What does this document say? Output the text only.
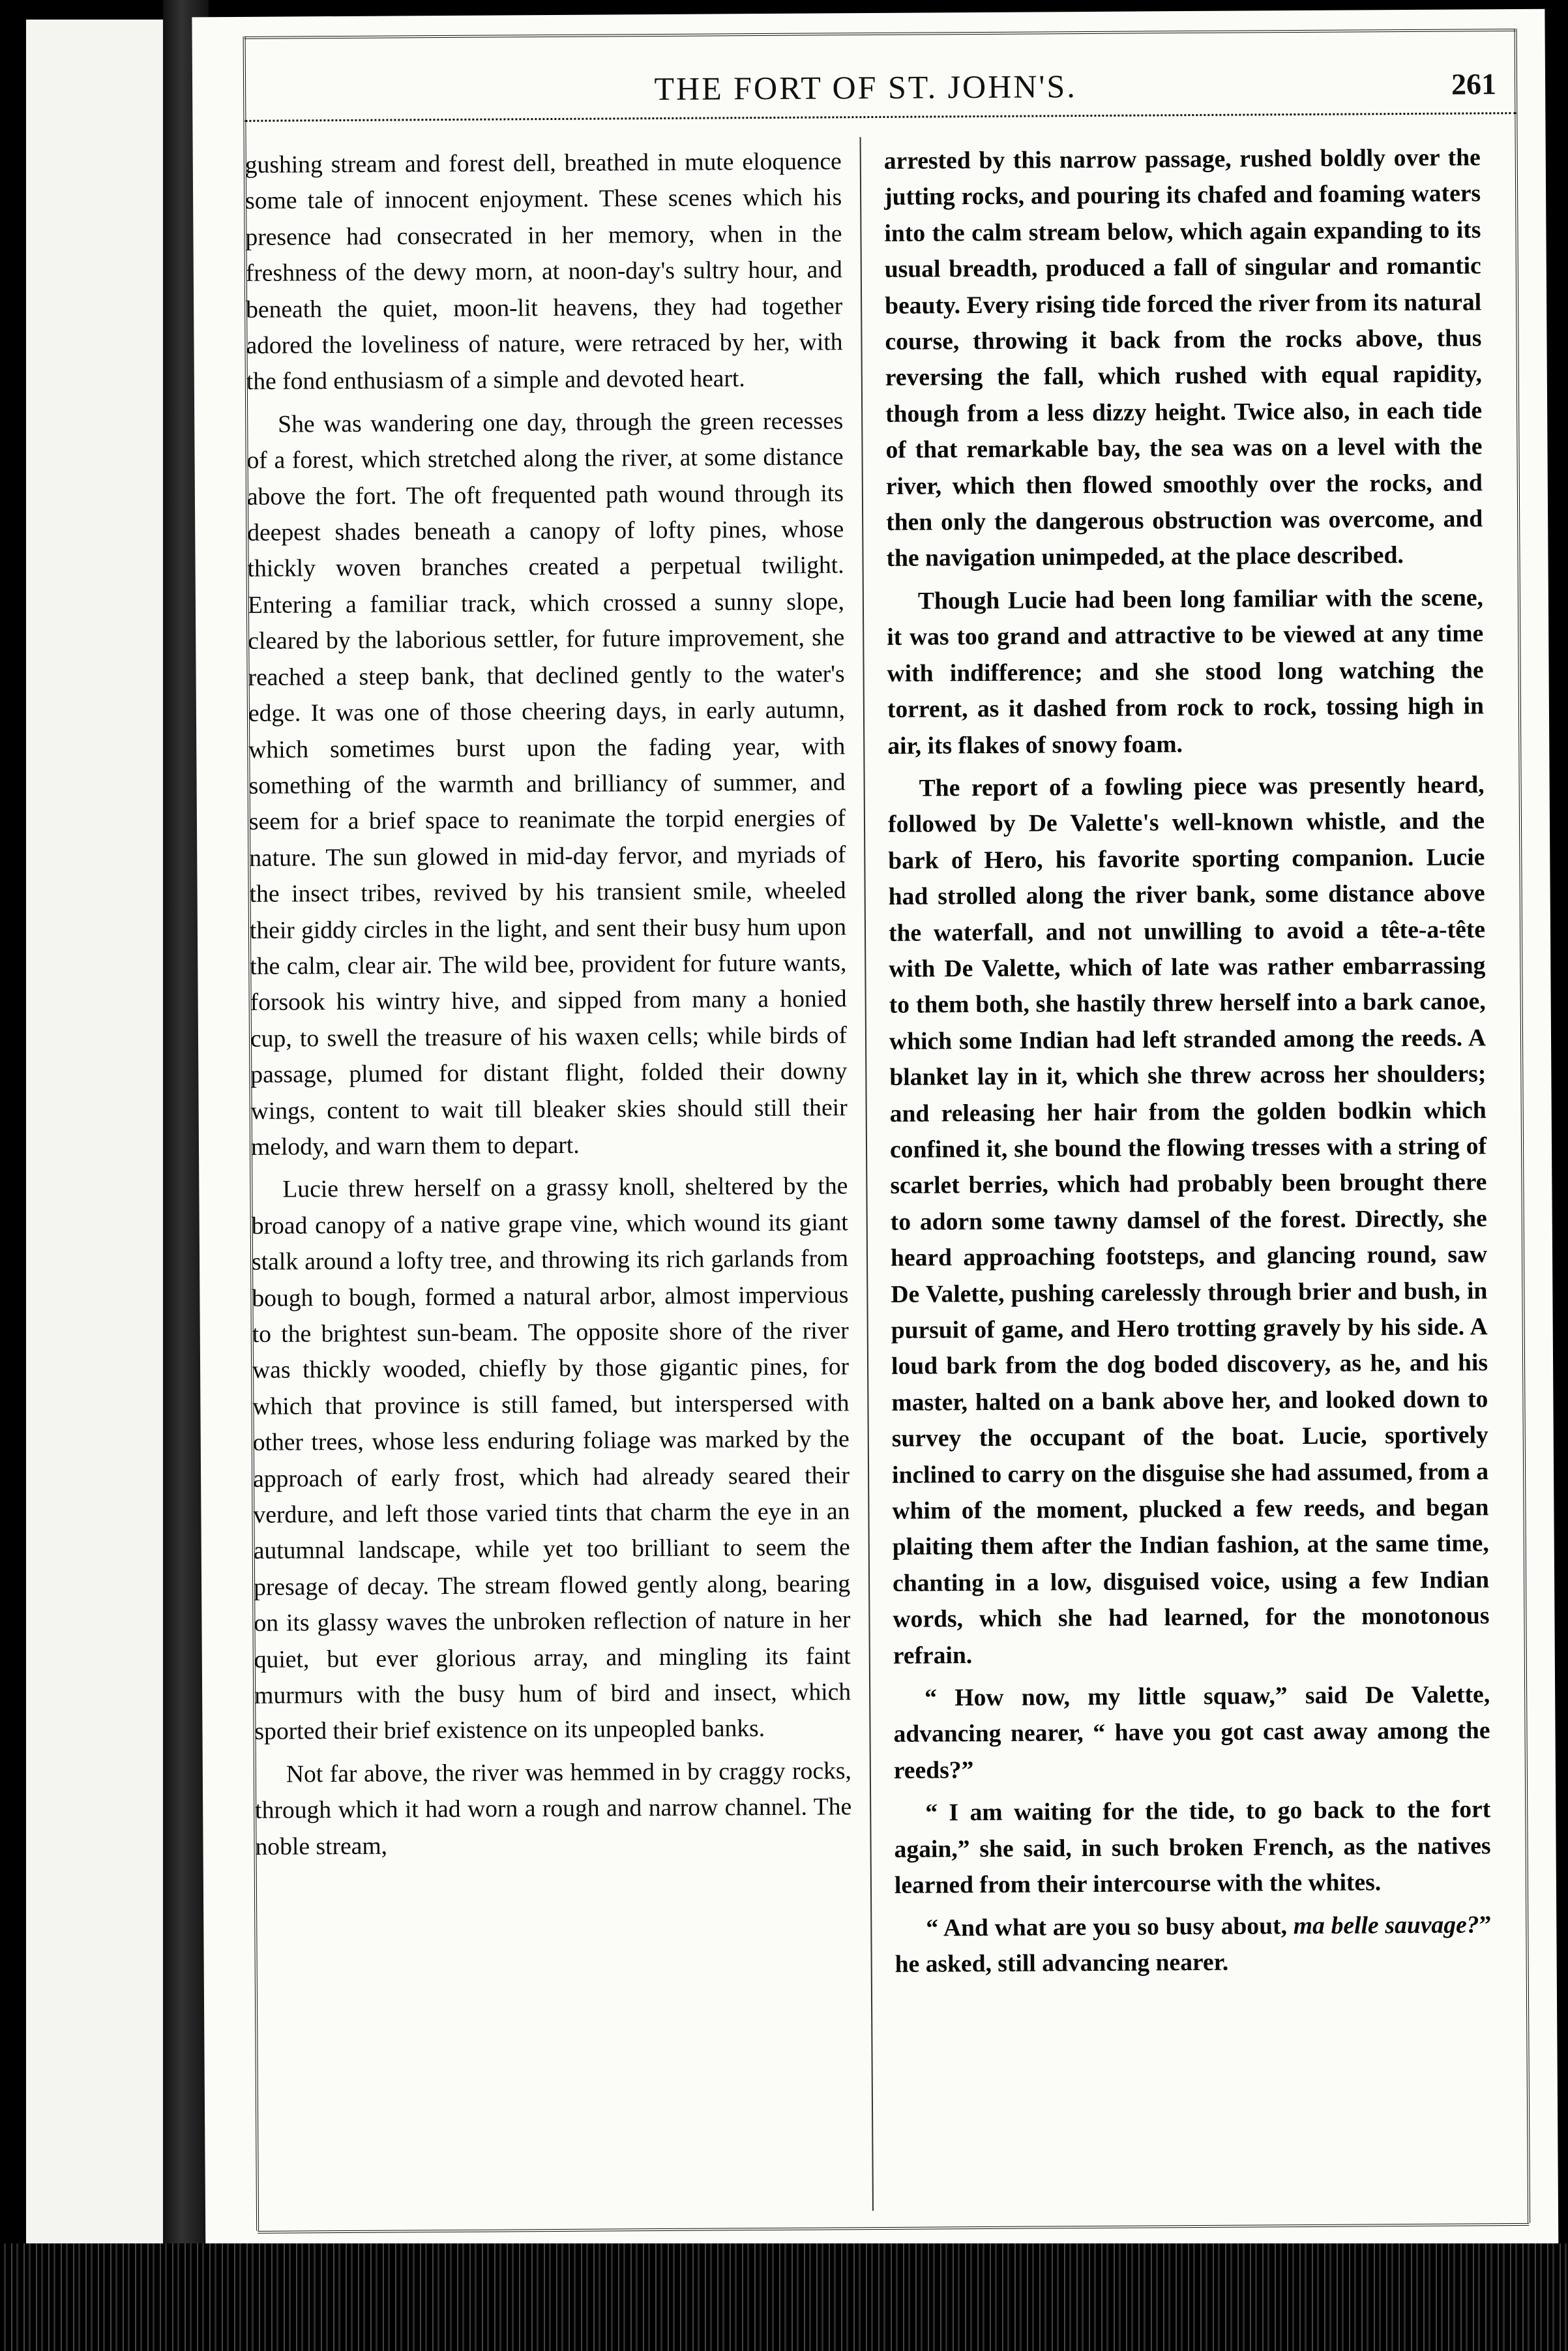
THE FORT OF ST. JOHN'S.	261

gushing stream and forest dell, breathed in mute eloquence some tale of innocent enjoyment. These scenes which his presence had consecrated in her memory, when in the freshness of the dewy morn, at noon-day's sultry hour, and beneath the quiet, moon-lit heavens, they had together adored the loveliness of nature, were retraced by her, with the fond enthusiasm of a simple and devoted heart.

She was wandering one day, through the green recesses of a forest, which stretched along the river, at some distance above the fort. The oft frequented path wound through its deepest shades beneath a canopy of lofty pines, whose thickly woven branches created a perpetual twilight. Entering a familiar track, which crossed a sunny slope, cleared by the laborious settler, for future improvement, she reached a steep bank, that declined gently to the water's edge. It was one of those cheering days, in early autumn, which sometimes burst upon the fading year, with something of the warmth and brilliancy of summer, and seem for a brief space to reanimate the torpid energies of nature. The sun glowed in mid-day fervor, and myriads of the insect tribes, revived by his transient smile, wheeled their giddy circles in the light, and sent their busy hum upon the calm, clear air. The wild bee, provident for future wants, forsook his wintry hive, and sipped from many a honied cup, to swell the treasure of his waxen cells; while birds of passage, plumed for distant flight, folded their downy wings, content to wait till bleaker skies should still their melody, and warn them to depart.

Lucie threw herself on a grassy knoll, sheltered by the broad canopy of a native grape vine, which wound its giant stalk around a lofty tree, and throwing its rich garlands from bough to bough, formed a natural arbor, almost impervious to the brightest sun-beam. The opposite shore of the river was thickly wooded, chiefly by those gigantic pines, for which that province is still famed, but interspersed with other trees, whose less enduring foliage was marked by the approach of early frost, which had already seared their verdure, and left those varied tints that charm the eye in an autumnal landscape, while yet too brilliant to seem the presage of decay. The stream flowed gently along, bearing on its glassy waves the unbroken reflection of nature in her quiet, but ever glorious array, and mingling its faint murmurs with the busy hum of bird and insect, which sported their brief existence on its unpeopled banks.

Not far above, the river was hemmed in by craggy rocks, through which it had worn a rough and narrow channel. The noble stream,

arrested by this narrow passage, rushed boldly over the jutting rocks, and pouring its chafed and foaming waters into the calm stream below, which again expanding to its usual breadth, produced a fall of singular and romantic beauty. Every rising tide forced the river from its natural course, throwing it back from the rocks above, thus reversing the fall, which rushed with equal rapidity, though from a less dizzy height. Twice also, in each tide of that remarkable bay, the sea was on a level with the river, which then flowed smoothly over the rocks, and then only the dangerous obstruction was overcome, and the navigation unimpeded, at the place described.

Though Lucie had been long familiar with the scene, it was too grand and attractive to be viewed at any time with indifference; and she stood long watching the torrent, as it dashed from rock to rock, tossing high in air, its flakes of snowy foam.

The report of a fowling piece was presently heard, followed by De Valette's well-known whistle, and the bark of Hero, his favorite sporting companion. Lucie had strolled along the river bank, some distance above the waterfall, and not unwilling to avoid a tête-a-tête with De Valette, which of late was rather embarrassing to them both, she hastily threw herself into a bark canoe, which some Indian had left stranded among the reeds. A blanket lay in it, which she threw across her shoulders; and releasing her hair from the golden bodkin which confined it, she bound the flowing tresses with a string of scarlet berries, which had probably been brought there to adorn some tawny damsel of the forest. Directly, she heard approaching footsteps, and glancing round, saw De Valette, pushing carelessly through brier and bush, in pursuit of game, and Hero trotting gravely by his side. A loud bark from the dog boded discovery, as he, and his master, halted on a bank above her, and looked down to survey the occupant of the boat. Lucie, sportively inclined to carry on the disguise she had assumed, from a whim of the moment, plucked a few reeds, and began plaiting them after the Indian fashion, at the same time, chanting in a low, disguised voice, using a few Indian words, which she had learned, for the monotonous refrain.

“ How now, my little squaw,” said De Valette, advancing nearer, “ have you got cast away among the reeds?”

“ I am waiting for the tide, to go back to the fort again,” she said, in such broken French, as the natives learned from their intercourse with the whites.

“ And what are you so busy about, ma belle sauvage?” he asked, still advancing nearer.
